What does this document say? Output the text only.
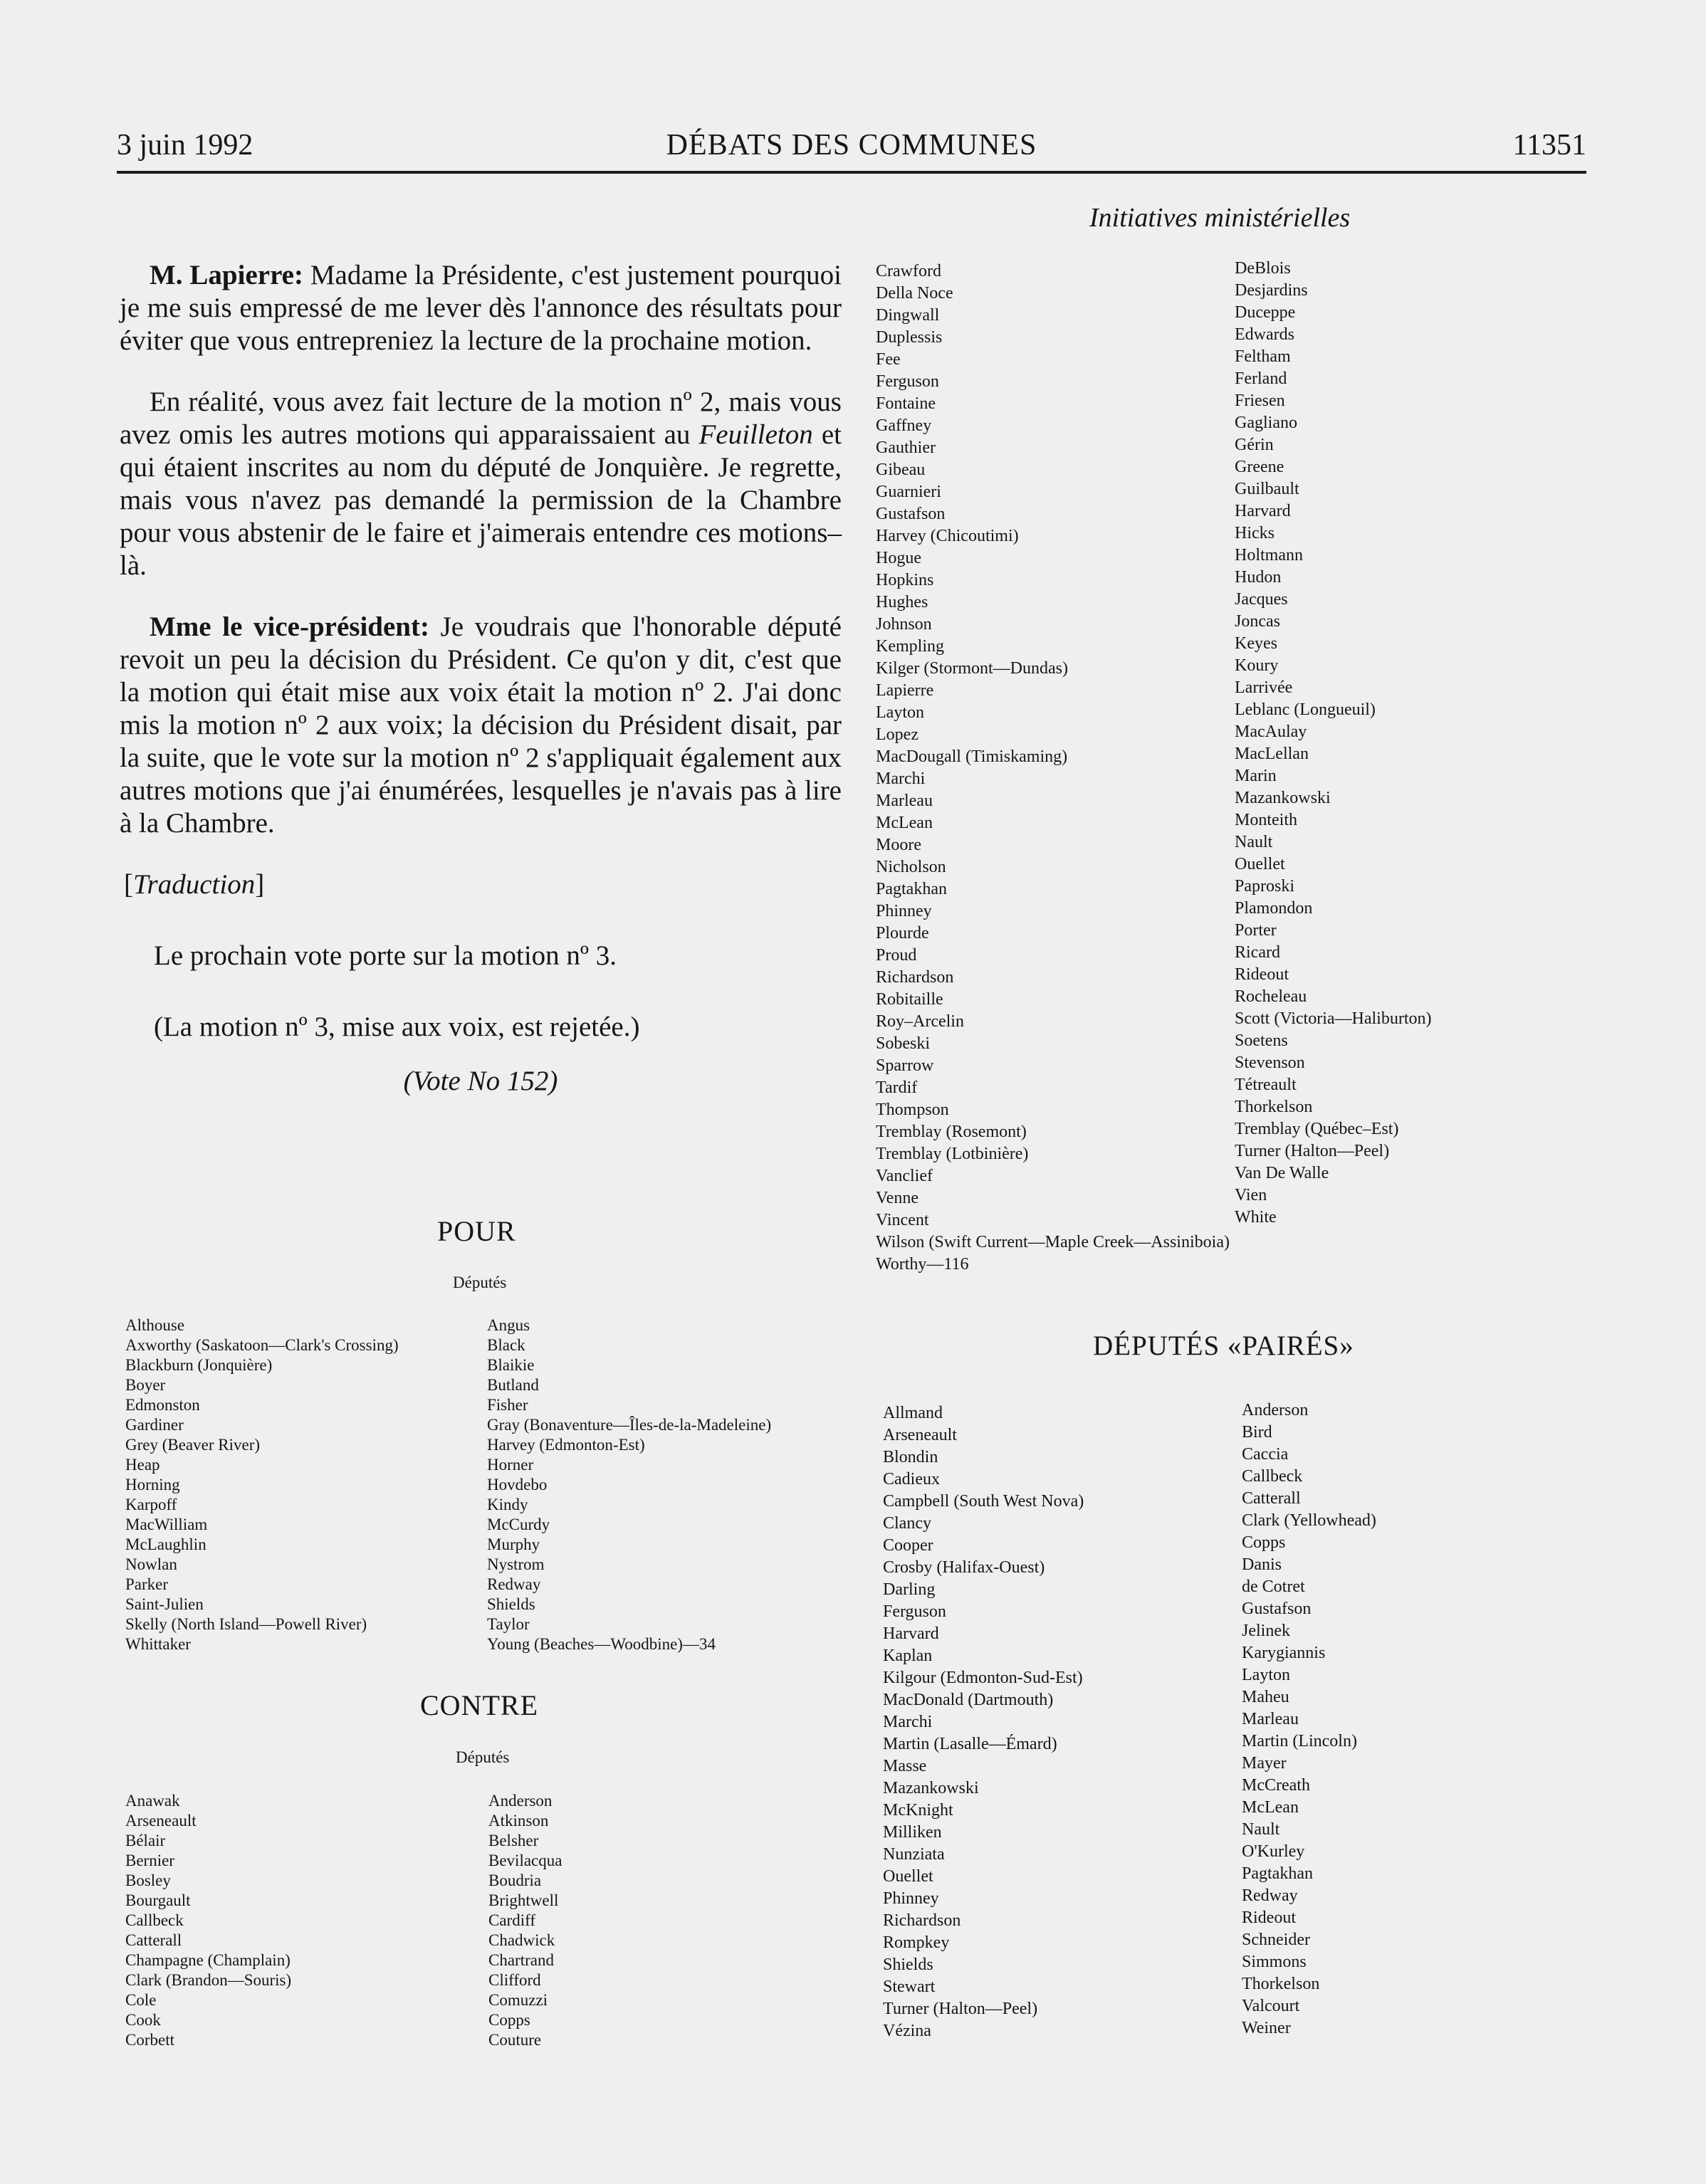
3 juin 1992	DÉBATS DES COMMUNES	11351
Initiatives ministérielles

M. Lapierre: Madame la Présidente, c'est justement pourquoi je me suis empressé de me lever dès l'annonce des résultats pour éviter que vous entrepreniez la lecture de la prochaine motion.

En réalité, vous avez fait lecture de la motion nº 2, mais vous avez omis les autres motions qui apparaissaient au Feuilleton et qui étaient inscrites au nom du député de Jonquière. Je regrette, mais vous n'avez pas demandé la permission de la Chambre pour vous abstenir de le faire et j'aimerais entendre ces motions–là.

Mme le vice-président: Je voudrais que l'honorable député revoit un peu la décision du Président. Ce qu'on y dit, c'est que la motion qui était mise aux voix était la motion nº 2. J'ai donc mis la motion nº 2 aux voix; la décision du Président disait, par la suite, que le vote sur la motion nº 2 s'appliquait également aux autres motions que j'ai énumérées, lesquelles je n'avais pas à lire à la Chambre.

[Traduction]
Le prochain vote porte sur la motion nº 3.
(La motion nº 3, mise aux voix, est rejetée.)
(Vote No 152)
POUR
Députés
Althouse
Axworthy (Saskatoon—Clark's Crossing)
Blackburn (Jonquière)
Boyer
Edmonston
Gardiner
Grey (Beaver River)
Heap
Horning
Karpoff
MacWilliam
McLaughlin
Nowlan
Parker
Saint-Julien
Skelly (North Island—Powell River)
Whittaker
Angus
Black
Blaikie
Butland
Fisher
Gray (Bonaventure—Îles-de-la-Madeleine)
Harvey (Edmonton-Est)
Horner
Hovdebo
Kindy
McCurdy
Murphy
Nystrom
Redway
Shields
Taylor
Young (Beaches—Woodbine)—34
CONTRE
Députés
Anawak
Arseneault
Bélair
Bernier
Bosley
Bourgault
Callbeck
Catterall
Champagne (Champlain)
Clark (Brandon—Souris)
Cole
Cook
Corbett
Anderson
Atkinson
Belsher
Bevilacqua
Boudria
Brightwell
Cardiff
Chadwick
Chartrand
Clifford
Comuzzi
Copps
Couture
Crawford
Della Noce
Dingwall
Duplessis
Fee
Ferguson
Fontaine
Gaffney
Gauthier
Gibeau
Guarnieri
Gustafson
Harvey (Chicoutimi)
Hogue
Hopkins
Hughes
Johnson
Kempling
Kilger (Stormont—Dundas)
Lapierre
Layton
Lopez
MacDougall (Timiskaming)
Marchi
Marleau
McLean
Moore
Nicholson
Pagtakhan
Phinney
Plourde
Proud
Richardson
Robitaille
Roy–Arcelin
Sobeski
Sparrow
Tardif
Thompson
Tremblay (Rosemont)
Tremblay (Lotbinière)
Vanclief
Venne
Vincent
Wilson (Swift Current—Maple Creek—Assiniboia)
Worthy—116
DeBlois
Desjardins
Duceppe
Edwards
Feltham
Ferland
Friesen
Gagliano
Gérin
Greene
Guilbault
Harvard
Hicks
Holtmann
Hudon
Jacques
Joncas
Keyes
Koury
Larrivée
Leblanc (Longueuil)
MacAulay
MacLellan
Marin
Mazankowski
Monteith
Nault
Ouellet
Paproski
Plamondon
Porter
Ricard
Rideout
Rocheleau
Scott (Victoria—Haliburton)
Soetens
Stevenson
Tétreault
Thorkelson
Tremblay (Québec–Est)
Turner (Halton—Peel)
Van De Walle
Vien
White
DÉPUTÉS «PAIRÉS»
Allmand
Arseneault
Blondin
Cadieux
Campbell (South West Nova)
Clancy
Cooper
Crosby (Halifax-Ouest)
Darling
Ferguson
Harvard
Kaplan
Kilgour (Edmonton-Sud-Est)
MacDonald (Dartmouth)
Marchi
Martin (Lasalle—Émard)
Masse
Mazankowski
McKnight
Milliken
Nunziata
Ouellet
Phinney
Richardson
Rompkey
Shields
Stewart
Turner (Halton—Peel)
Vézina
Anderson
Bird
Caccia
Callbeck
Catterall
Clark (Yellowhead)
Copps
Danis
de Cotret
Gustafson
Jelinek
Karygiannis
Layton
Maheu
Marleau
Martin (Lincoln)
Mayer
McCreath
McLean
Nault
O'Kurley
Pagtakhan
Redway
Rideout
Schneider
Simmons
Thorkelson
Valcourt
Weiner
